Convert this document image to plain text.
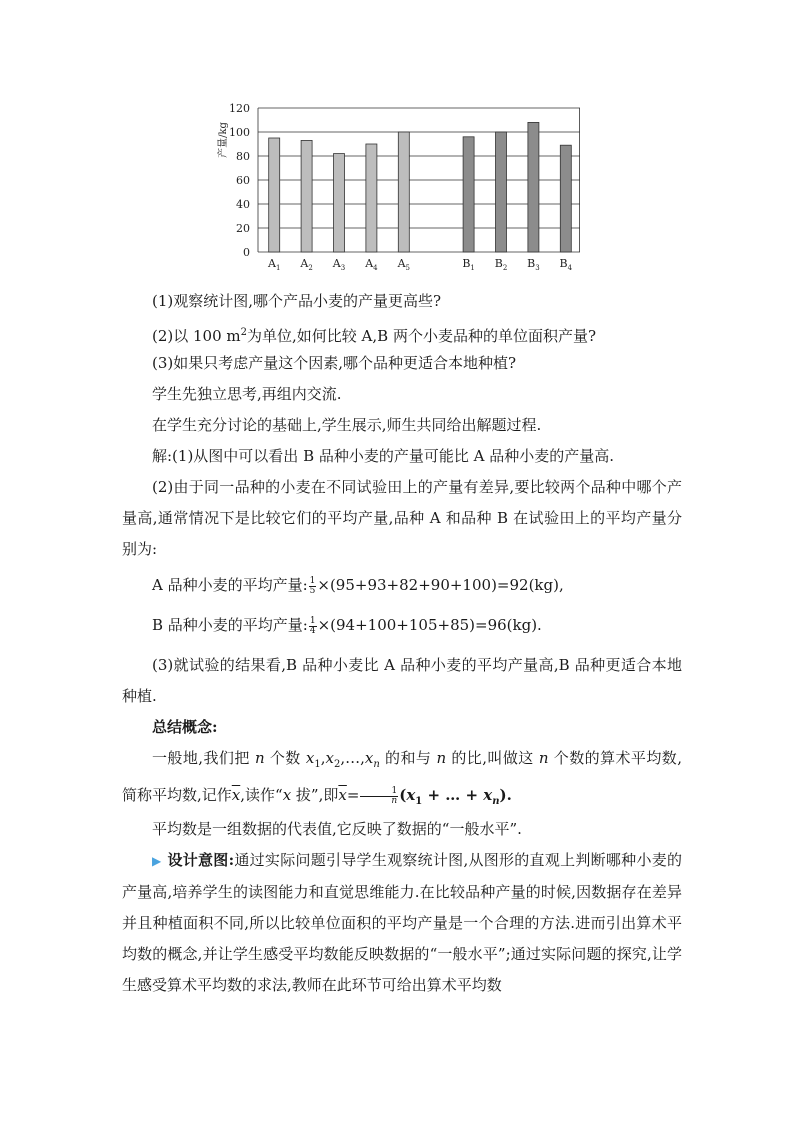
0
20
40
60
80
100
120
产量/kg
$A_1$ $A_2$ $A_3$ $A_4$ $A_5$	$B_1$ $B_2$ $B_3$ $B_4$
(1)观察统计图,哪个产品小麦的产量更高些?
(2)以 100 $m^2$为单位,如何比较 A,B 两个小麦品种的单位面积产量?
(3)如果只考虑产量这个因素,哪个品种更适合本地种植?
学生先独立思考,再组内交流.
在学生充分讨论的基础上,学生展示,师生共同给出解题过程.
解:(1)从图中可以看出 B 品种小麦的产量可能比 A 品种小麦的产量高.
(2)由于同一品种的小麦在不同试验田上的产量有差异,要比较两个品种中哪个产量高,通常情况下是比较它们的平均产量,品种 A 和品种 B 在试验田上的平均产量分别为:
A 品种小麦的平均产量: $\frac{1}{5} \times(95+93+82+90+100)=92(kg)$,
B 品种小麦的平均产量: $\frac{1}{4} \times(94+100+105+85)=96(kg)$.
(3)就试验的结果看,B 品种小麦比 A 品种小麦的平均产量高,B 品种更适合本地种植.
总结概念:
一般地,我们把 n 个数 $x_1,x_2,\dots,x_n$ 的和与 n 的比,叫做这 n 个数的算术平均数,简称平均数,记作$\overline{x}$,读作“x 拔”,即$\overline{x}= \frac{1}{n} (x_1$ + … + $x_n$).
平均数是一组数据的代表值,它反映了数据的“一般水平”.
▶ 设计意图:通过实际问题引导学生观察统计图,从图形的直观上判断哪种小麦的产量高,培养学生的读图能力和直觉思维能力.在比较品种产量的时候,因数据存在差异并且种植面积不同,所以比较单位面积的平均产量是一个合理的方法.进而引出算术平均数的概念,并让学生感受平均数能反映数据的“一般水平”;通过实际问题的探究,让学生感受算术平均数的求法,教师在此环节可给出算术平均数
